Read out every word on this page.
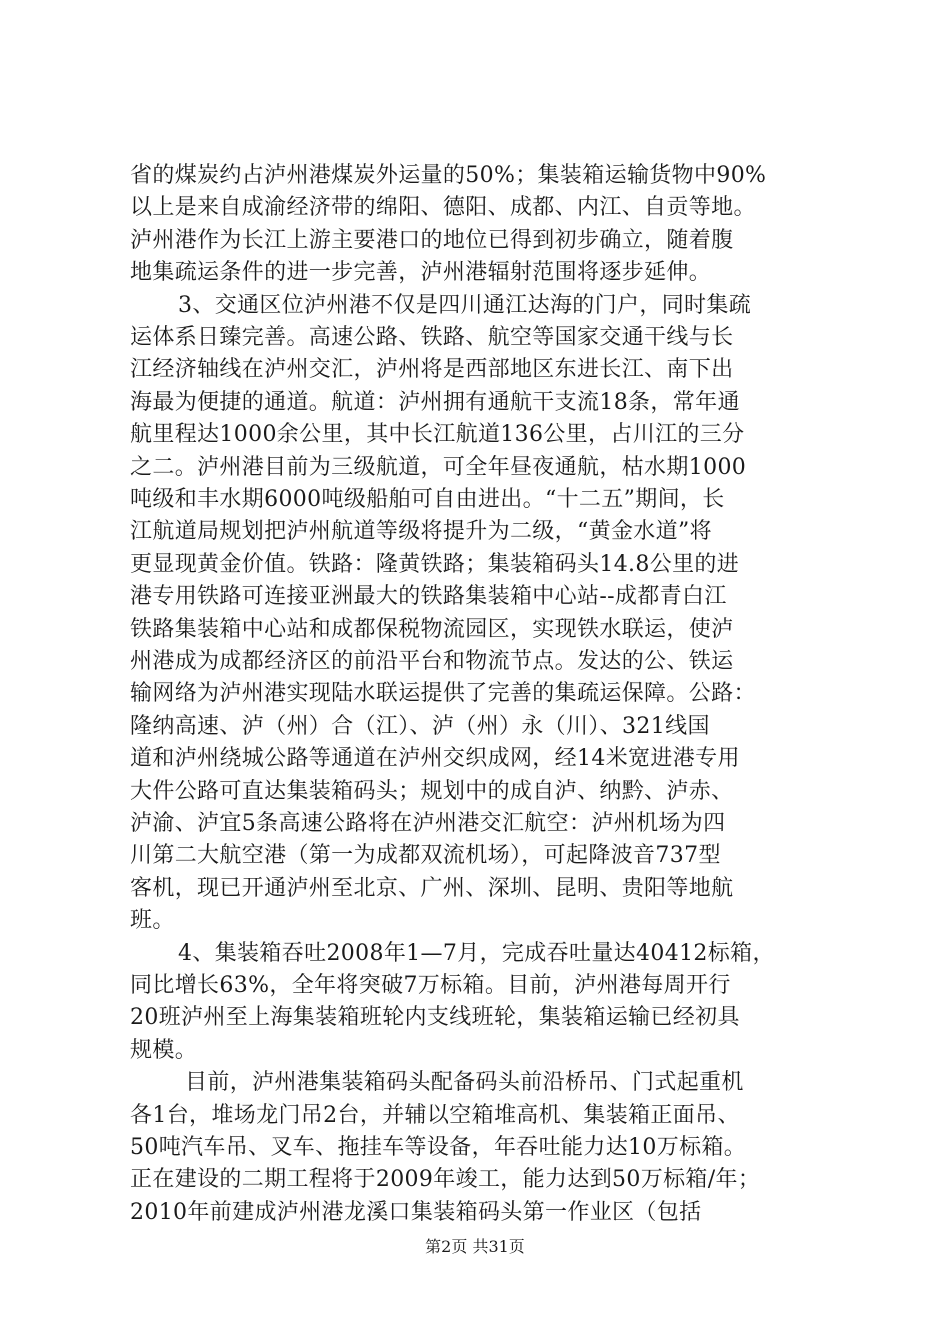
省的煤炭约占泸州港煤炭外运量的50%；集装箱运输货物中90%
以上是来自成渝经济带的绵阳、德阳、成都、内江、自贡等地。
泸州港作为长江上游主要港口的地位已得到初步确立，随着腹
地集疏运条件的进一步完善，泸州港辐射范围将逐步延伸。
3、交通区位泸州港不仅是四川通江达海的门户，同时集疏
运体系日臻完善。高速公路、铁路、航空等国家交通干线与长
江经济轴线在泸州交汇，泸州将是西部地区东进长江、南下出
海最为便捷的通道。航道：泸州拥有通航干支流18条，常年通
航里程达1000余公里，其中长江航道136公里，占川江的三分
之二。泸州港目前为三级航道，可全年昼夜通航，枯水期1000
吨级和丰水期6000吨级船舶可自由进出。“十二五”期间，长
江航道局规划把泸州航道等级将提升为二级，“黄金水道”将
更显现黄金价值。铁路：隆黄铁路；集装箱码头14.8公里的进
港专用铁路可连接亚洲最大的铁路集装箱中心站--成都青白江
铁路集装箱中心站和成都保税物流园区，实现铁水联运，使泸
州港成为成都经济区的前沿平台和物流节点。发达的公、铁运
输网络为泸州港实现陆水联运提供了完善的集疏运保障。公路：
隆纳高速、泸（州）合（江）、泸（州）永（川）、321线国
道和泸州绕城公路等通道在泸州交织成网，经14米宽进港专用
大件公路可直达集装箱码头；规划中的成自泸、纳黔、泸赤、
泸渝、泸宜5条高速公路将在泸州港交汇航空：泸州机场为四
川第二大航空港（第一为成都双流机场），可起降波音737型
客机，现已开通泸州至北京、广州、深圳、昆明、贵阳等地航
班。
4、集装箱吞吐2008年1—7月，完成吞吐量达40412标箱，
同比增长63%，全年将突破7万标箱。目前，泸州港每周开行
20班泸州至上海集装箱班轮内支线班轮，集装箱运输已经初具
规模。
目前，泸州港集装箱码头配备码头前沿桥吊、门式起重机
各1台，堆场龙门吊2台，并辅以空箱堆高机、集装箱正面吊、
50吨汽车吊、叉车、拖挂车等设备，年吞吐能力达10万标箱。
正在建设的二期工程将于2009年竣工，能力达到50万标箱/年；
2010年前建成泸州港龙溪口集装箱码头第一作业区（包括
第2页 共31页
